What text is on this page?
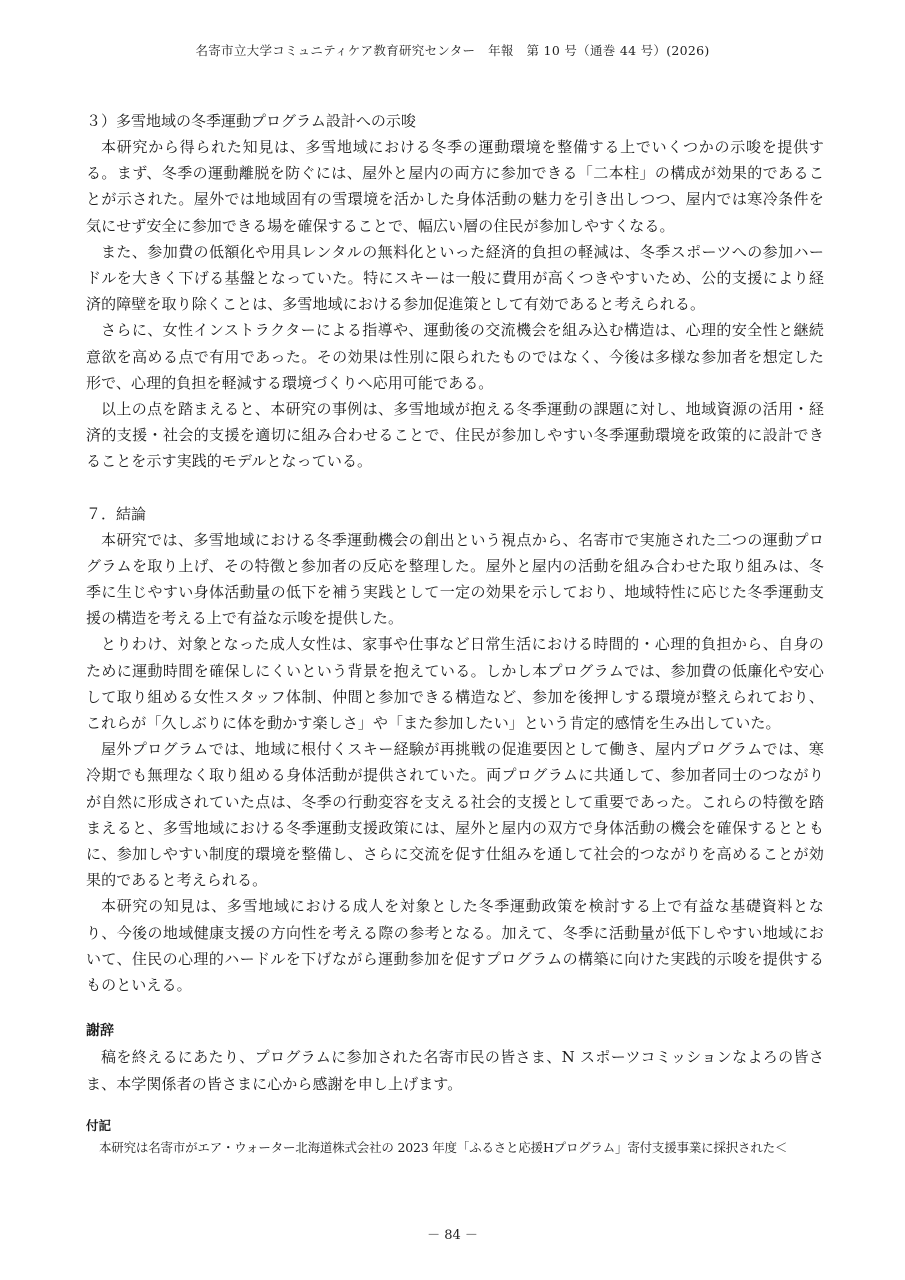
名寄市立大学コミュニティケア教育研究センター　年報　第 10 号（通巻 44 号）(2026)

３）多雪地域の冬季運動プログラム設計への示唆

本研究から得られた知見は、多雪地域における冬季の運動環境を整備する上でいくつかの示唆を提供する。まず、冬季の運動離脱を防ぐには、屋外と屋内の両方に参加できる「二本柱」の構成が効果的であることが示された。屋外では地域固有の雪環境を活かした身体活動の魅力を引き出しつつ、屋内では寒冷条件を気にせず安全に参加できる場を確保することで、幅広い層の住民が参加しやすくなる。

また、参加費の低額化や用具レンタルの無料化といった経済的負担の軽減は、冬季スポーツへの参加ハードルを大きく下げる基盤となっていた。特にスキーは一般に費用が高くつきやすいため、公的支援により経済的障壁を取り除くことは、多雪地域における参加促進策として有効であると考えられる。

さらに、女性インストラクターによる指導や、運動後の交流機会を組み込む構造は、心理的安全性と継続意欲を高める点で有用であった。その効果は性別に限られたものではなく、今後は多様な参加者を想定した形で、心理的負担を軽減する環境づくりへ応用可能である。

以上の点を踏まえると、本研究の事例は、多雪地域が抱える冬季運動の課題に対し、地域資源の活用・経済的支援・社会的支援を適切に組み合わせることで、住民が参加しやすい冬季運動環境を政策的に設計できることを示す実践的モデルとなっている。

７．結論

本研究では、多雪地域における冬季運動機会の創出という視点から、名寄市で実施された二つの運動プログラムを取り上げ、その特徴と参加者の反応を整理した。屋外と屋内の活動を組み合わせた取り組みは、冬季に生じやすい身体活動量の低下を補う実践として一定の効果を示しており、地域特性に応じた冬季運動支援の構造を考える上で有益な示唆を提供した。

とりわけ、対象となった成人女性は、家事や仕事など日常生活における時間的・心理的負担から、自身のために運動時間を確保しにくいという背景を抱えている。しかし本プログラムでは、参加費の低廉化や安心して取り組める女性スタッフ体制、仲間と参加できる構造など、参加を後押しする環境が整えられており、これらが「久しぶりに体を動かす楽しさ」や「また参加したい」という肯定的感情を生み出していた。

屋外プログラムでは、地域に根付くスキー経験が再挑戦の促進要因として働き、屋内プログラムでは、寒冷期でも無理なく取り組める身体活動が提供されていた。両プログラムに共通して、参加者同士のつながりが自然に形成されていた点は、冬季の行動変容を支える社会的支援として重要であった。これらの特徴を踏まえると、多雪地域における冬季運動支援政策には、屋外と屋内の双方で身体活動の機会を確保するとともに、参加しやすい制度的環境を整備し、さらに交流を促す仕組みを通して社会的つながりを高めることが効果的であると考えられる。

本研究の知見は、多雪地域における成人を対象とした冬季運動政策を検討する上で有益な基礎資料となり、今後の地域健康支援の方向性を考える際の参考となる。加えて、冬季に活動量が低下しやすい地域において、住民の心理的ハードルを下げながら運動参加を促すプログラムの構築に向けた実践的示唆を提供するものといえる。

謝辞

稿を終えるにあたり、プログラムに参加された名寄市民の皆さま、N スポーツコミッションなよろの皆さま、本学関係者の皆さまに心から感謝を申し上げます。

付記

本研究は名寄市がエア・ウォーター北海道株式会社の 2023 年度「ふるさと応援Hプログラム」寄付支援事業に採択された＜

－ 84 －
